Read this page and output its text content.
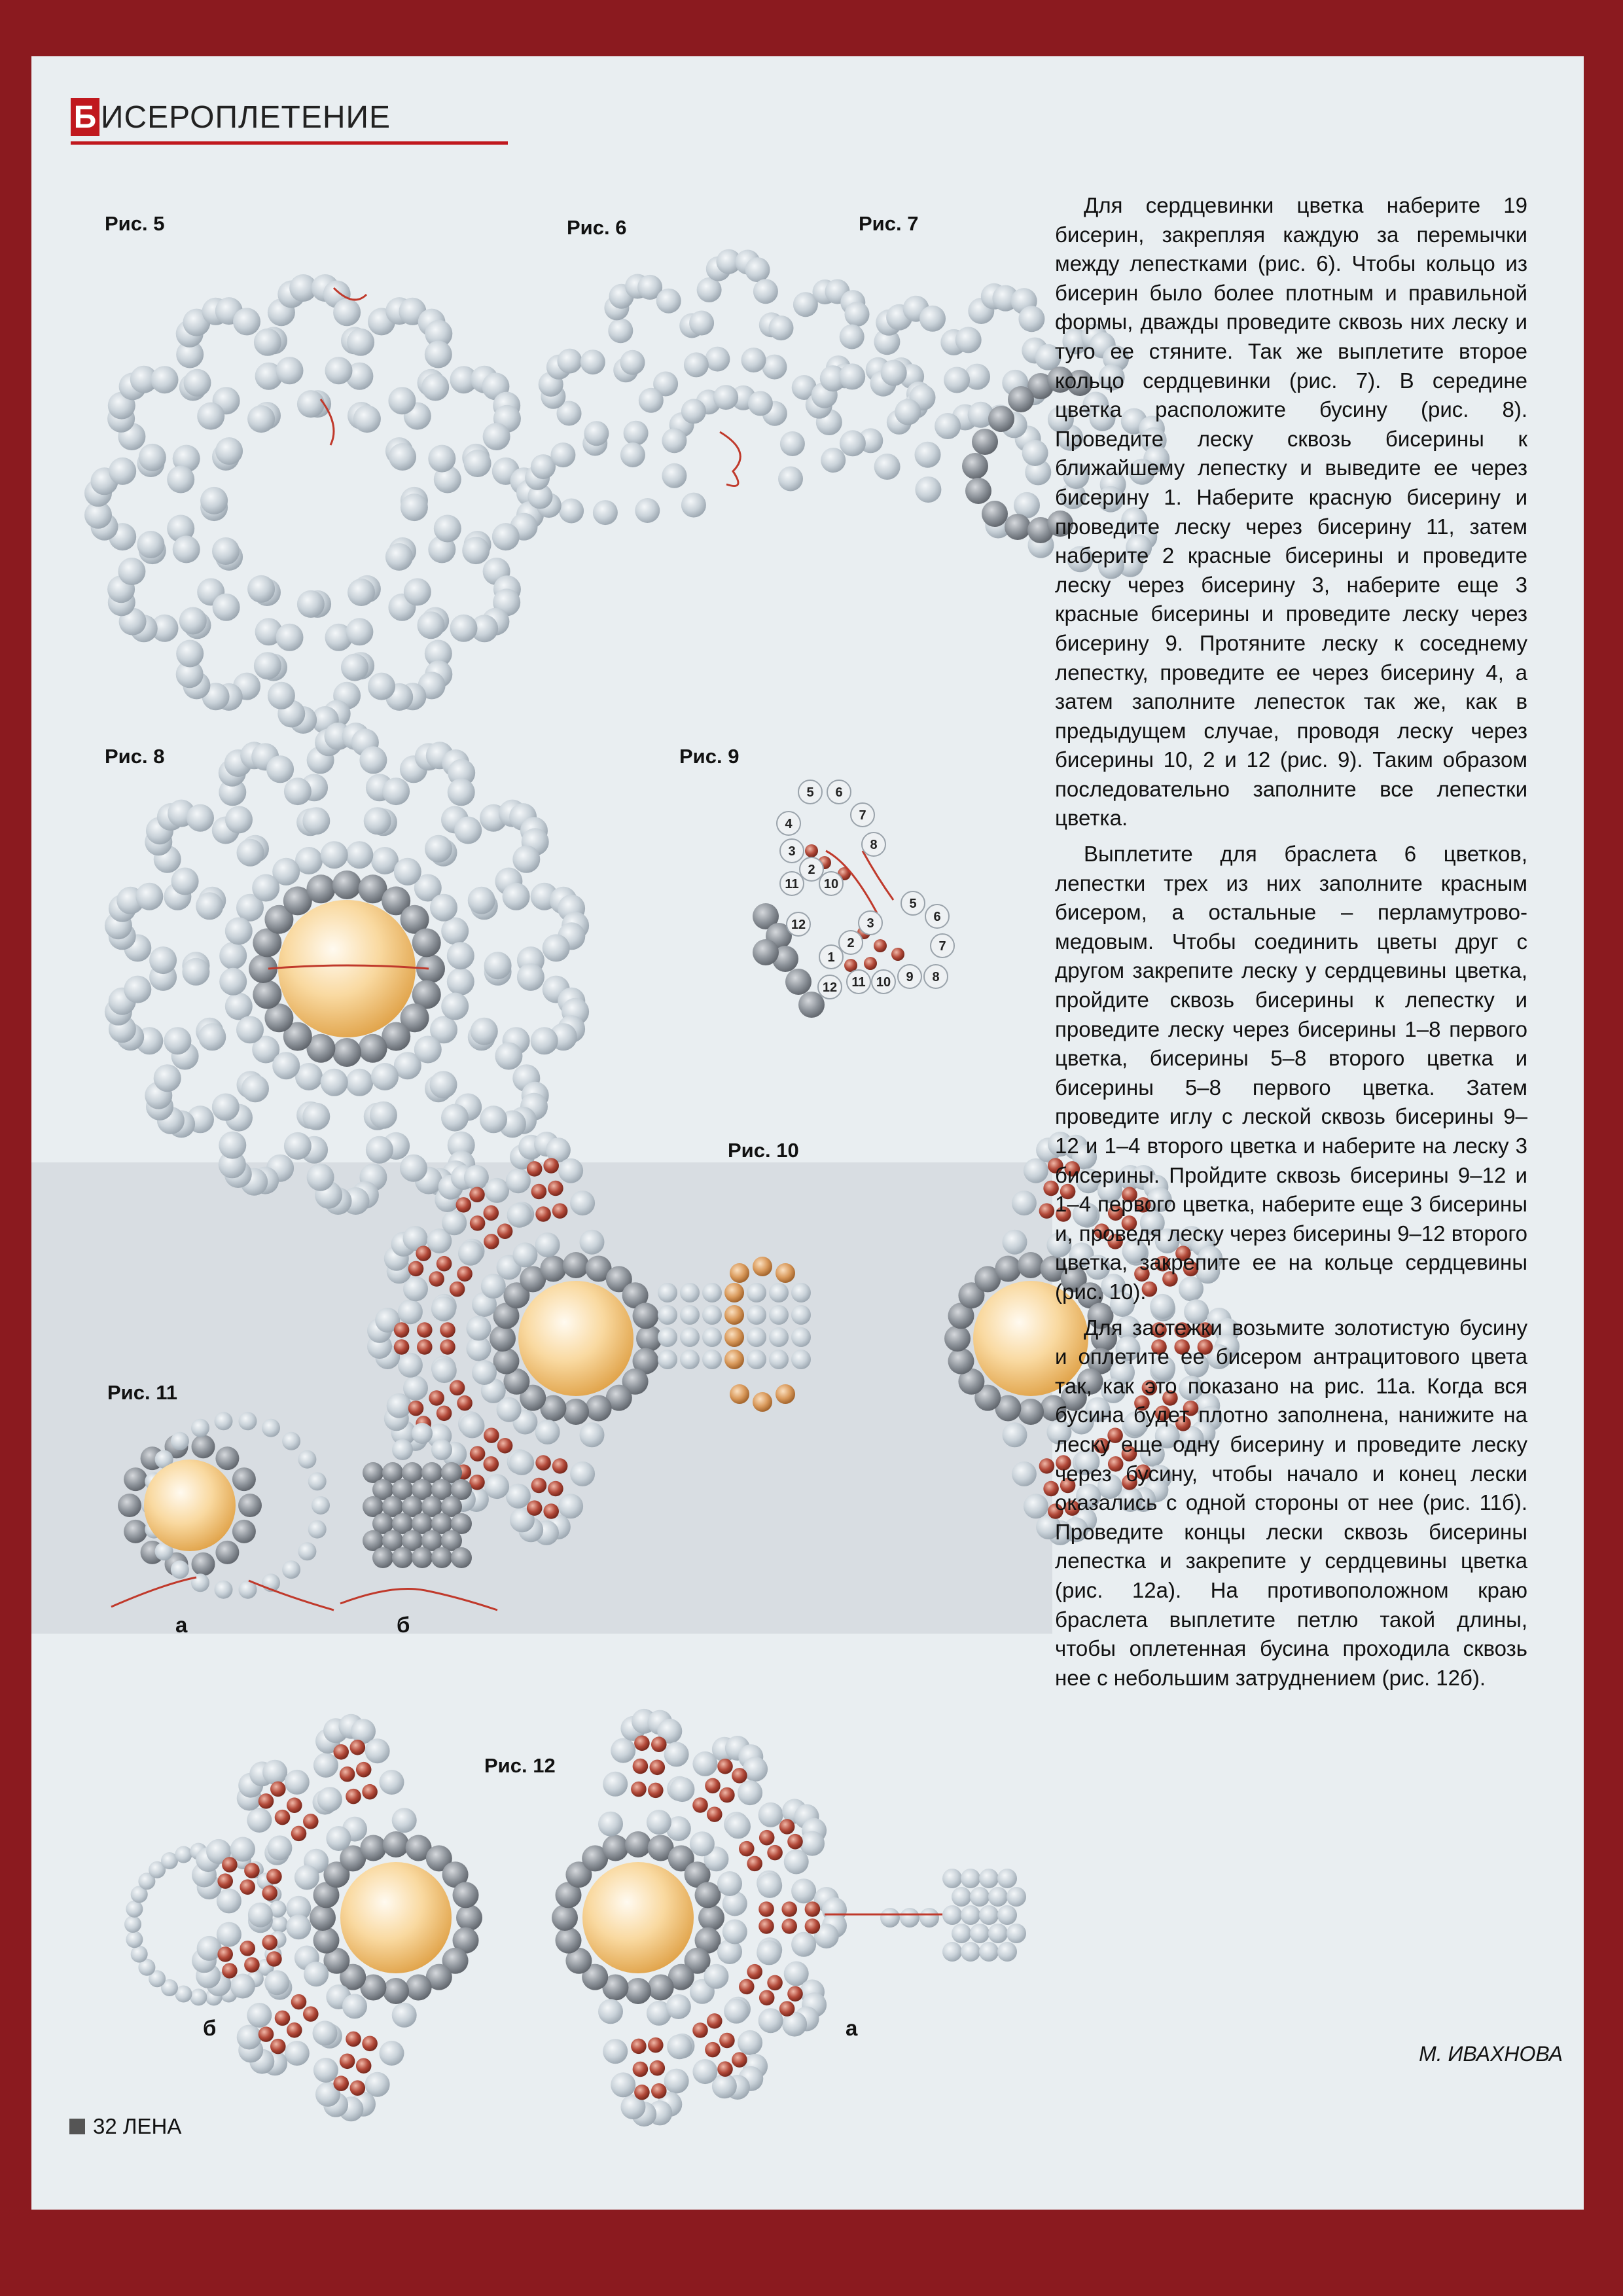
5 6
7
8
3
2
10
11
12
5
6
7
8
9
10
11
12
3
2
1
4
Б ИСЕРОПЛЕТЕНИЕ
Рис. 5	Рис. 6	Рис. 7
Рис. 8	Рис. 9
Рис. 10
Рис. 11
Рис. 12
а	б
б	а

Для сердцевинки цветка наберите 19 бисерин, закрепляя каждую за перемычки между лепестками (рис. 6). Чтобы кольцо из бисерин было более плотным и правильной формы, дважды проведите сквозь них леску и туго ее стяните. Так же выплетите второе кольцо сердцевинки (рис. 7). В середине цветка расположите бусину (рис. 8). Проведите леску сквозь бисерины к ближайшему лепестку и выведите ее через бисерину 1. Наберите красную бисерину и проведите леску через бисерину 11, затем наберите 2 красные бисерины и проведите леску через бисерину 3, наберите еще 3 красные бисерины и проведите леску через бисерину 9. Протяните леску к соседнему лепестку, проведите ее через бисерину 4, а затем заполните лепесток так же, как в предыдущем случае, проводя леску через бисерины 10, 2 и 12 (рис. 9). Таким образом последовательно заполните все лепестки цветка.

Выплетите для браслета 6 цветков, лепестки трех из них заполните красным бисером, а остальные – перламутрово-медовым. Чтобы соединить цветы друг с другом закрепите леску у сердцевины цветка, пройдите сквозь бисерины к лепестку и проведите леску через бисерины 1–8 первого цветка, бисерины 5–8 второго цветка и бисерины 5–8 первого цветка. Затем проведите иглу с леской сквозь бисерины 9–12 и 1–4 второго цветка и наберите на леску 3 бисерины. Пройдите сквозь бисерины 9–12 и 1–4 первого цветка, наберите еще 3 бисерины и, проведя леску через бисерины 9–12 второго цветка, закрепите ее на кольце сердцевины (рис. 10).

Для застежки возьмите золотистую бусину и оплетите ее бисером антрацитового цвета так, как это показано на рис. 11а. Когда вся бусина будет плотно заполнена, нанижите на леску еще одну бисерину и проведите леску через бусину, чтобы начало и конец лески оказались с одной стороны от нее (рис. 11б). Проведите концы лески сквозь бисерины лепестка и закрепите у сердцевины цветка (рис. 12а). На противоположном краю браслета выплетите петлю такой длины, чтобы оплетенная бусина проходила сквозь нее с небольшим затруднением (рис. 12б).

М. ИВАХНОВА
32
ЛЕНА
